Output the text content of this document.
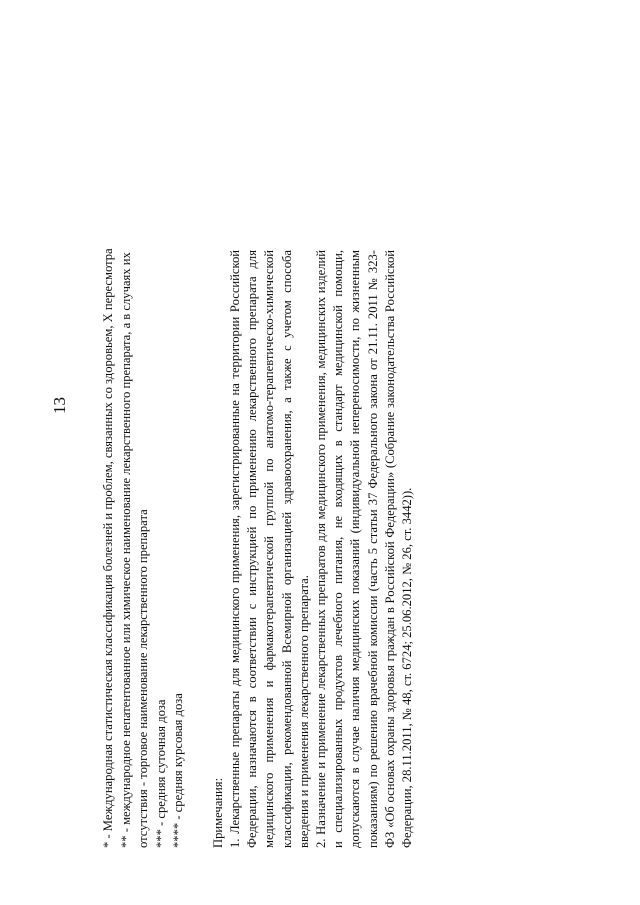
13	* - Международная статистическая классификация болезней и проблем, связанных со здоровьем, X пересмотра ** - международное непатентованное или химическое наименование лекарственного препарата, а в случаях их отсутствия - торговое наименование лекарственного препарата *** - средняя суточная доза **** - средняя курсовая доза Примечания: 1. Лекарственные препараты для медицинского применения, зарегистрированные на территории Российской Федерации, назначаются в соответствии с инструкцией по применению лекарственного препарата для медицинского применения и фармакотерапевтической группой по анатомо-терапевтическо-химической классификации, рекомендованной Всемирной организацией здравоохранения, а также с учетом способа введения и применения лекарственного препарата. 2. Назначение и применение лекарственных препаратов для медицинского применения, медицинских изделий и специализированных продуктов лечебного питания, не входящих в стандарт медицинской помощи, допускаются в случае наличия медицинских показаний (индивидуальной непереносимости, по жизненным показаниям) по решению врачебной комиссии (часть 5 статьи 37 Федерального закона от 21.11. 2011 № 323-ФЗ «Об основах охраны здоровья граждан в Российской Федерации» (Собрание законодательства Российской Федерации, 28.11.2011, № 48, ст. 6724; 25.06.2012, № 26, ст. 3442)).
